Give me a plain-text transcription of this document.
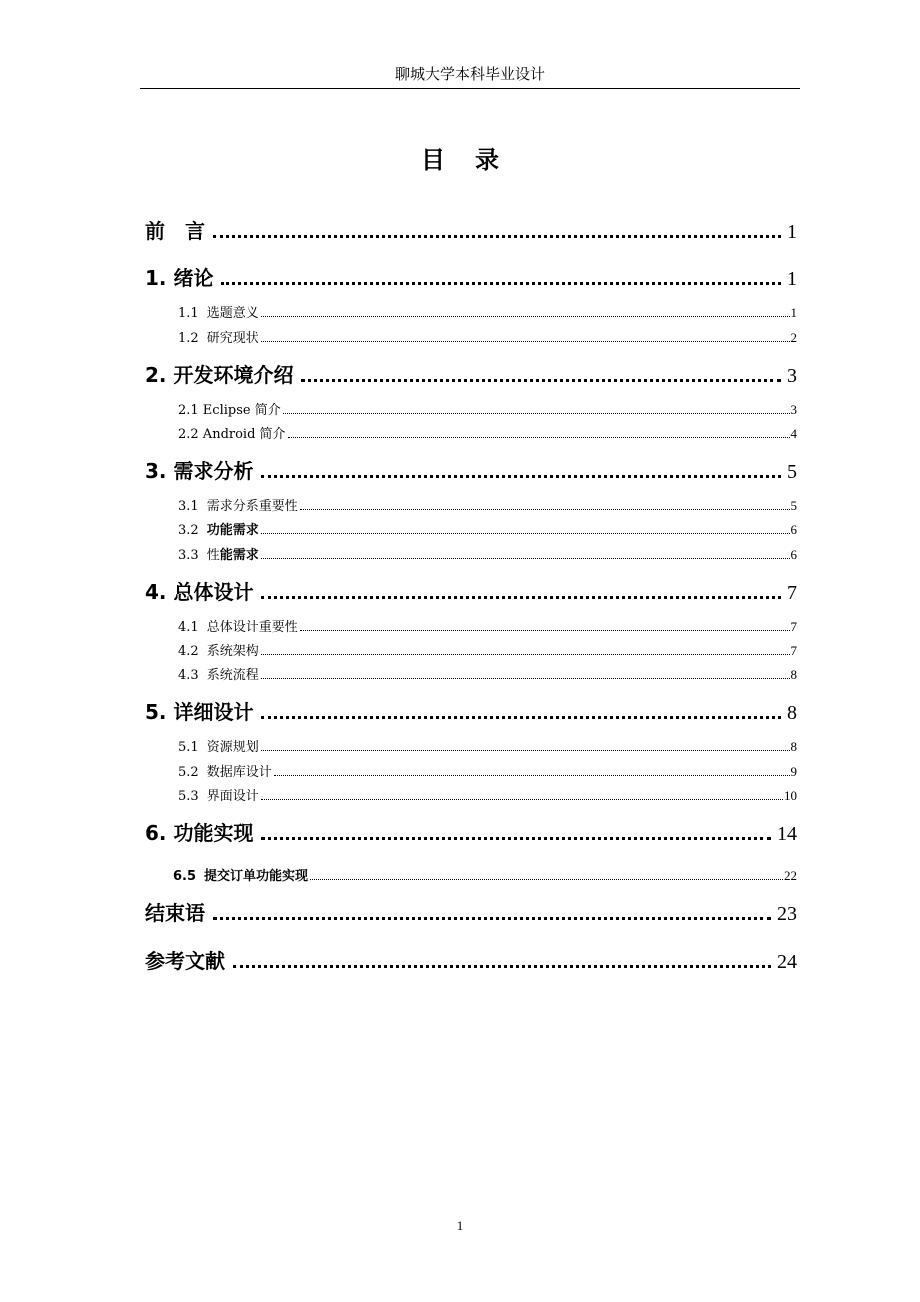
聊城大学本科毕业设计
目录
前　言	1
1. 绪论	1
1.1 选题意义	1
1.2 研究现状	2
2. 开发环境介绍	3
2.1 Eclipse 简介	3
2.2 Android 简介	4
3. 需求分析	5
3.1 需求分系重要性	5
3.2 功能需求	6
3.3 性 能需求	6
4. 总体设计	7
4.1 总体设计重要性	7
4.2 系统架构	7
4.3 系统流程	8
5. 详细设计	8
5.1 资源规划	8
5.2 数据库设计	9
5.3 界面设计	10
6. 功能实现	14
6.5 提交订单功能实现	22
结束语	23
参考文献	24
1
